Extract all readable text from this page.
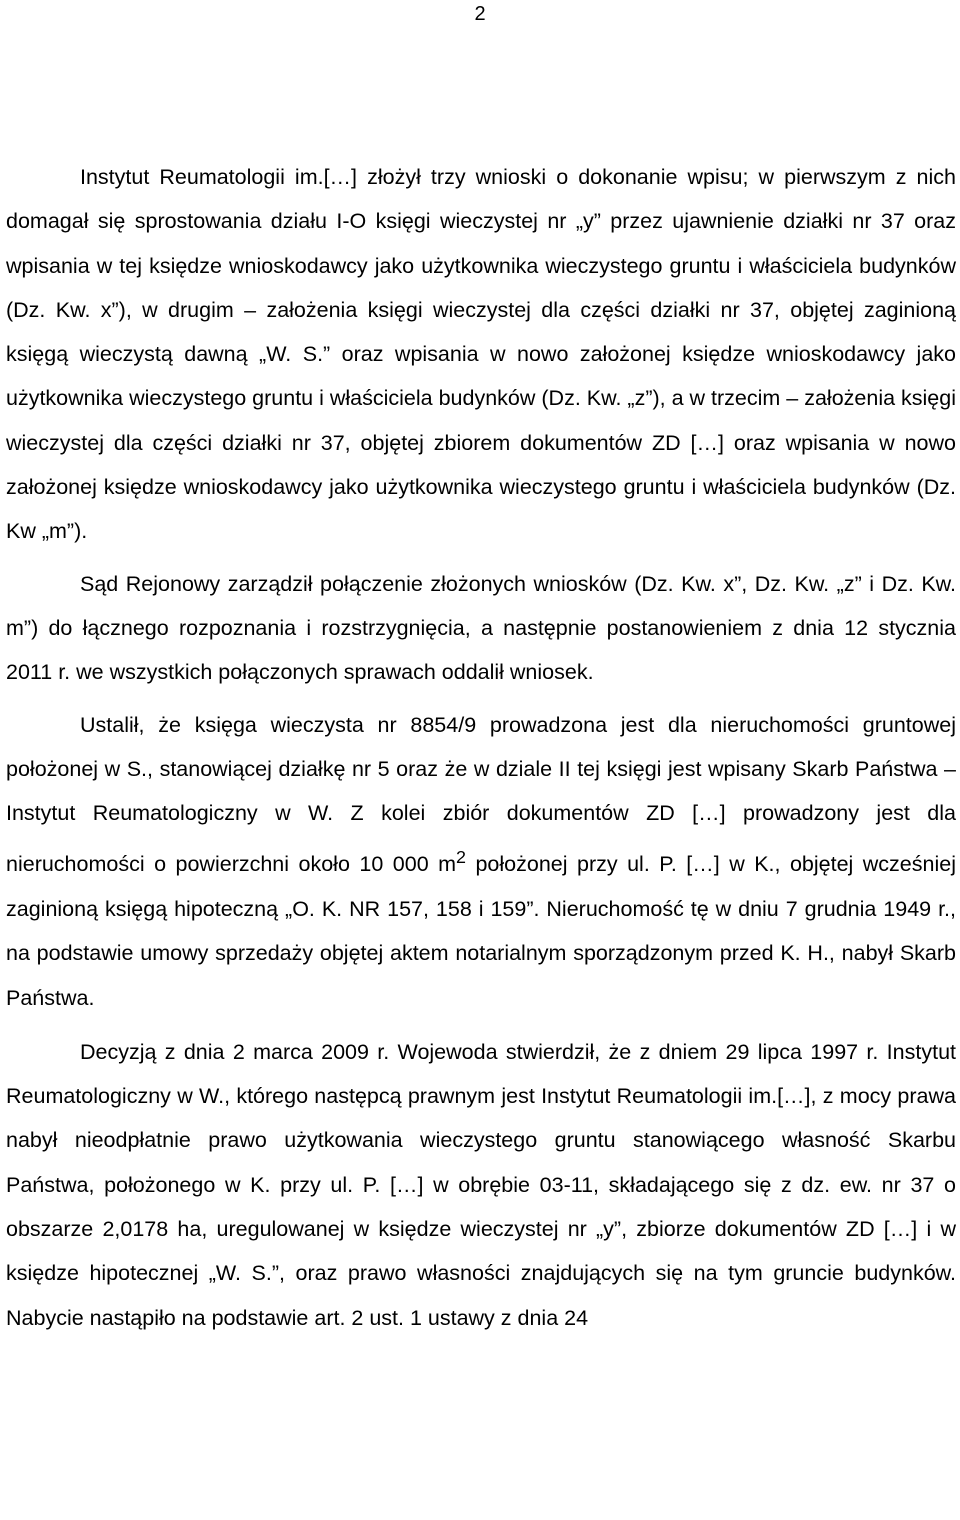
2

Instytut Reumatologii im.[…] złożył trzy wnioski o dokonanie wpisu; w pierwszym z nich domagał się sprostowania działu I-O księgi wieczystej nr „y” przez ujawnienie działki nr 37 oraz wpisania w tej księdze wnioskodawcy jako użytkownika wieczystego gruntu i właściciela budynków (Dz. Kw. x”), w drugim – założenia księgi wieczystej dla części działki nr 37, objętej zaginioną księgą wieczystą dawną „W. S.” oraz wpisania w nowo założonej księdze wnioskodawcy jako użytkownika wieczystego gruntu i właściciela budynków (Dz. Kw. „z”), a w trzecim – założenia księgi wieczystej dla części działki nr 37, objętej zbiorem dokumentów ZD […] oraz wpisania w nowo założonej księdze wnioskodawcy jako użytkownika wieczystego gruntu i właściciela budynków (Dz. Kw „m”).

Sąd Rejonowy zarządził połączenie złożonych wniosków (Dz. Kw. x”, Dz. Kw. „z” i Dz. Kw. m”) do łącznego rozpoznania i rozstrzygnięcia, a następnie postanowieniem z dnia 12 stycznia 2011 r. we wszystkich połączonych sprawach oddalił wniosek.

Ustalił, że księga wieczysta nr 8854/9 prowadzona jest dla nieruchomości gruntowej położonej w S., stanowiącej działkę nr 5 oraz że w dziale II tej księgi jest wpisany Skarb Państwa – Instytut Reumatologiczny w W. Z kolei zbiór dokumentów ZD […] prowadzony jest dla nieruchomości o powierzchni około 10 000 $m^2$ położonej przy ul. P. […] w K., objętej wcześniej zaginioną księgą hipoteczną „O. K. NR 157, 158 i 159”. Nieruchomość tę w dniu 7 grudnia 1949 r., na podstawie umowy sprzedaży objętej aktem notarialnym sporządzonym przed K. H., nabył Skarb Państwa.

Decyzją z dnia 2 marca 2009 r. Wojewoda stwierdził, że z dniem 29 lipca 1997 r. Instytut Reumatologiczny w W., którego następcą prawnym jest Instytut Reumatologii im.[…], z mocy prawa nabył nieodpłatnie prawo użytkowania wieczystego gruntu stanowiącego własność Skarbu Państwa, położonego w K. przy ul. P. […] w obrębie 03-11, składającego się z dz. ew. nr 37 o obszarze 2,0178 ha, uregulowanej w księdze wieczystej nr „y”, zbiorze dokumentów ZD […] i w księdze hipotecznej „W. S.”, oraz prawo własności znajdujących się na tym gruncie budynków. Nabycie nastąpiło na podstawie art. 2 ust. 1 ustawy z dnia 24
